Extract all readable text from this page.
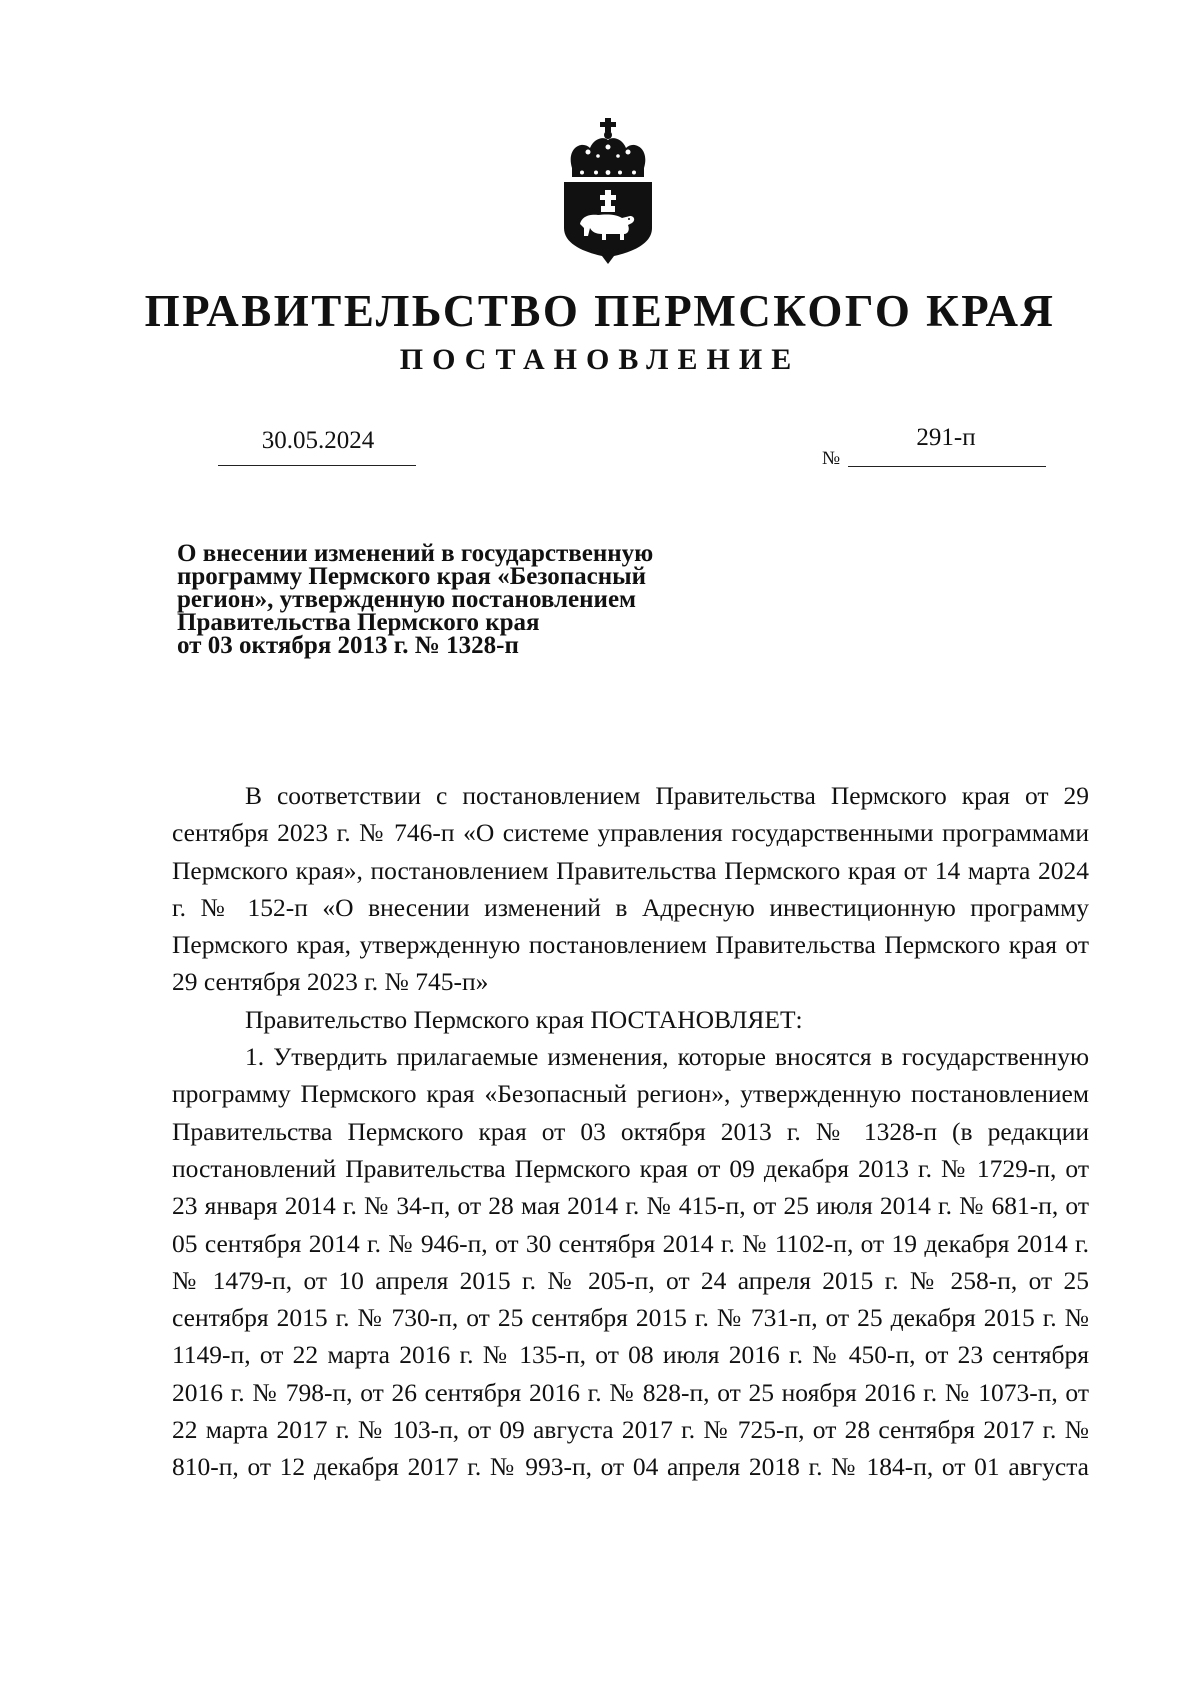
ПРАВИТЕЛЬСТВО ПЕРМСКОГО КРАЯ
ПОСТАНОВЛЕНИЕ
30.05.2024
№
291-п
О внесении изменений в государственную
программу Пермского края «Безопасный
регион», утвержденную постановлением
Правительства Пермского края
от 03 октября 2013 г. № 1328-п

В соответствии с постановлением Правительства Пермского края от 29 сентября 2023 г. № 746-п «О системе управления государственными программами Пермского края», постановлением Правительства Пермского края от 14 марта 2024 г. № 152-п «О внесении изменений в Адресную инвестиционную программу Пермского края, утвержденную постановлением Правительства Пермского края от 29 сентября 2023 г. № 745-п»

Правительство Пермского края ПОСТАНОВЛЯЕТ:

1. Утвердить прилагаемые изменения, которые вносятся в государственную программу Пермского края «Безопасный регион», утвержденную постановлением Правительства Пермского края от 03 октября 2013 г. № 1328-п (в редакции постановлений Правительства Пермского края от 09 декабря 2013 г. № 1729-п, от 23 января 2014 г. № 34-п, от 28 мая 2014 г. № 415-п, от 25 июля 2014 г. № 681-п, от 05 сентября 2014 г. № 946-п, от 30 сентября 2014 г. № 1102-п, от 19 декабря 2014 г. № 1479-п, от 10 апреля 2015 г. № 205-п, от 24 апреля 2015 г. № 258-п, от 25 сентября 2015 г. № 730-п, от 25 сентября 2015 г. № 731-п, от 25 декабря 2015 г. № 1149-п, от 22 марта 2016 г. № 135-п, от 08 июля 2016 г. № 450-п, от 23 сентября 2016 г. № 798-п, от 26 сентября 2016 г. № 828-п, от 25 ноября 2016 г. № 1073-п, от 22 марта 2017 г. № 103-п, от 09 августа 2017 г. № 725-п, от 28 сентября 2017 г. № 810-п, от 12 декабря 2017 г. № 993-п, от 04 апреля 2018 г. № 184-п, от 01 августа
